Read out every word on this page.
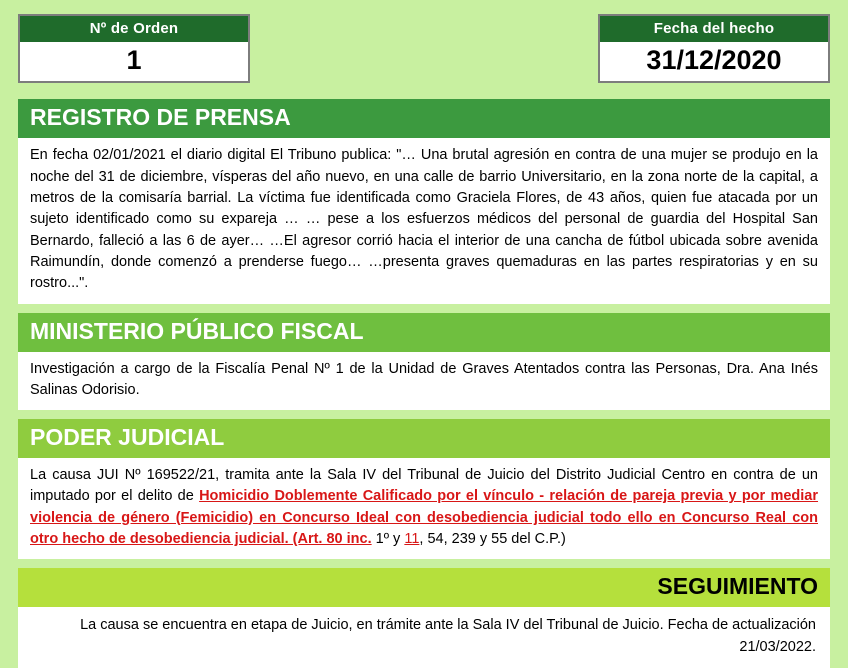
Nº de Orden
1
Fecha del hecho
31/12/2020
REGISTRO DE PRENSA
En fecha 02/01/2021 el diario digital El Tribuno publica: "… Una brutal agresión en contra de una mujer se produjo en la noche del 31 de diciembre, vísperas del año nuevo, en una calle de barrio Universitario, en la zona norte de la capital, a metros de la comisaría barrial. La víctima fue identificada como Graciela Flores, de 43 años, quien fue atacada por un sujeto identificado como su expareja … … pese a los esfuerzos médicos del personal de guardia del Hospital San Bernardo, falleció a las 6 de ayer… …El agresor corrió hacia el interior de una cancha de fútbol ubicada sobre avenida Raimundín, donde comenzó a prenderse fuego… …presenta graves quemaduras en las partes respiratorias y en su rostro...".
MINISTERIO PÚBLICO FISCAL
Investigación a cargo de la Fiscalía Penal Nº 1 de la Unidad de Graves Atentados contra las Personas, Dra. Ana Inés Salinas Odorisio.
PODER JUDICIAL
La causa JUI Nº 169522/21, tramita ante la Sala IV del Tribunal de Juicio del Distrito Judicial Centro en contra de un imputado por el delito de Homicidio Doblemente Calificado por el vínculo - relación de pareja previa y por mediar violencia de género (Femicidio) en Concurso Ideal con desobediencia judicial todo ello en Concurso Real con otro hecho de desobediencia judicial. (Art. 80 inc. 1º y 11, 54, 239 y 55 del C.P.)
SEGUIMIENTO
La causa se encuentra en etapa de Juicio, en trámite ante la Sala IV del Tribunal de Juicio. Fecha de actualización 21/03/2022.
